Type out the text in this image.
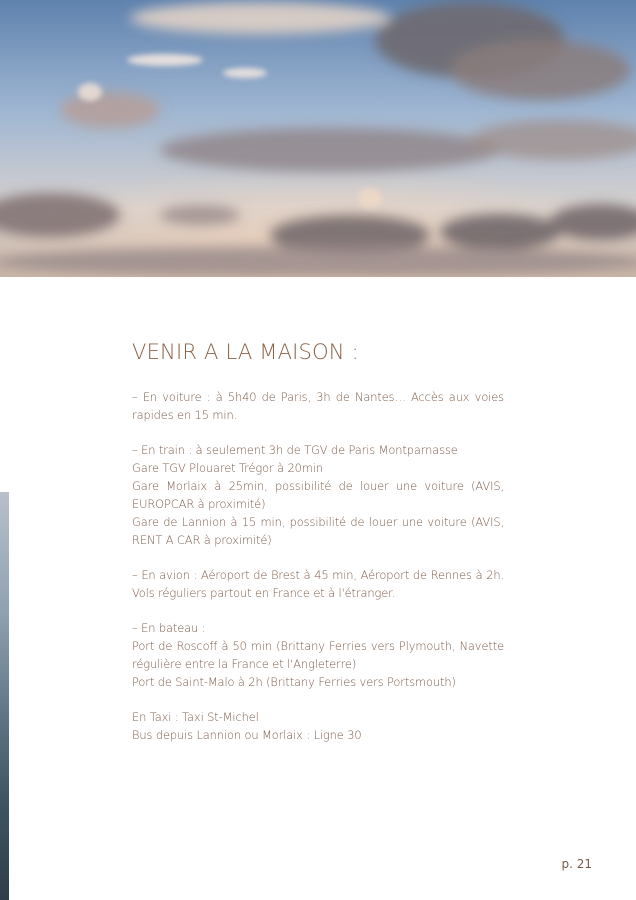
VENIR A LA MAISON :
– En voiture : à 5h40 de Paris, 3h de Nantes… Accès aux voies rapides en 15 min.
– En train : à seulement 3h de TGV de Paris Montparnasse
Gare TGV Plouaret Trégor à 20min
Gare Morlaix à 25min, possibilité de louer une voiture (AVIS, EUROPCAR à proximité)
Gare de Lannion à 15 min, possibilité de louer une voiture (AVIS, RENT A CAR à proximité)
– En avion : Aéroport de Brest à 45 min, Aéroport de Rennes à 2h. Vols réguliers partout en France et à l'étranger.
– En bateau :
Port de Roscoff à 50 min (Brittany Ferries vers Plymouth, Navette régulière entre la France et l'Angleterre)
Port de Saint-Malo à 2h (Brittany Ferries vers Portsmouth)
En Taxi : Taxi St-Michel
Bus depuis Lannion ou Morlaix : Ligne 30
p. 21
